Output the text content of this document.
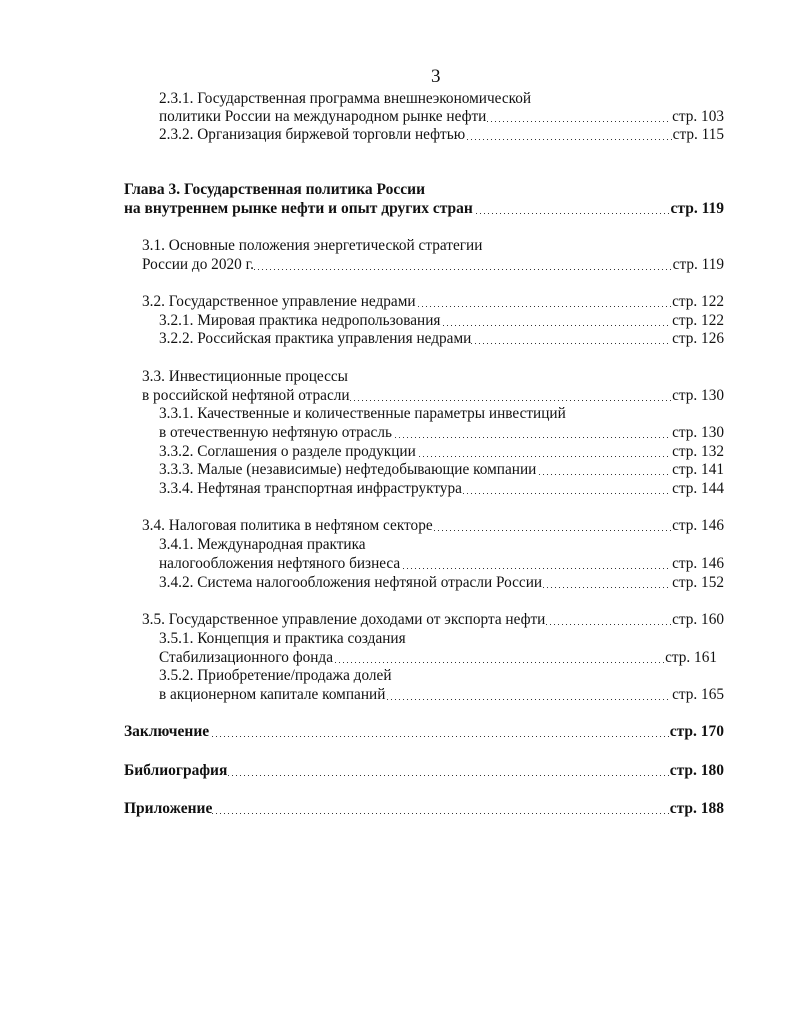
3
2.3.1. Государственная программа внешнеэкономической
политики России на международном рынке нефти	стр. 103
2.3.2. Организация биржевой торговли нефтью	стр. 115
Глава 3. Государственная политика России
на внутреннем рынке нефти и опыт других стран	стр. 119
3.1. Основные положения энергетической стратегии
России до 2020 г.	стр. 119
3.2. Государственное управление недрами	стр. 122
3.2.1. Мировая практика недропользования	стр. 122
3.2.2. Российская практика управления недрами	стр. 126
3.3. Инвестиционные процессы
в российской нефтяной отрасли	стр. 130
3.3.1. Качественные и количественные параметры инвестиций
в отечественную нефтяную отрасль	стр. 130
3.3.2. Соглашения о разделе продукции	стр. 132
3.3.3. Малые (независимые) нефтедобывающие компании	стр. 141
3.3.4. Нефтяная транспортная инфраструктура	стр. 144
3.4. Налоговая политика в нефтяном секторе	стр. 146
3.4.1. Международная практика
налогообложения нефтяного бизнеса	стр. 146
3.4.2. Система налогообложения нефтяной отрасли России	стр. 152
3.5. Государственное управление доходами от экспорта нефти	стр. 160
3.5.1. Концепция и практика создания
Стабилизационного фонда	стр. 161
3.5.2. Приобретение/продажа долей
в акционерном капитале компаний	стр. 165
Заключение	стр. 170
Библиография	стр. 180
Приложение	стр. 188
